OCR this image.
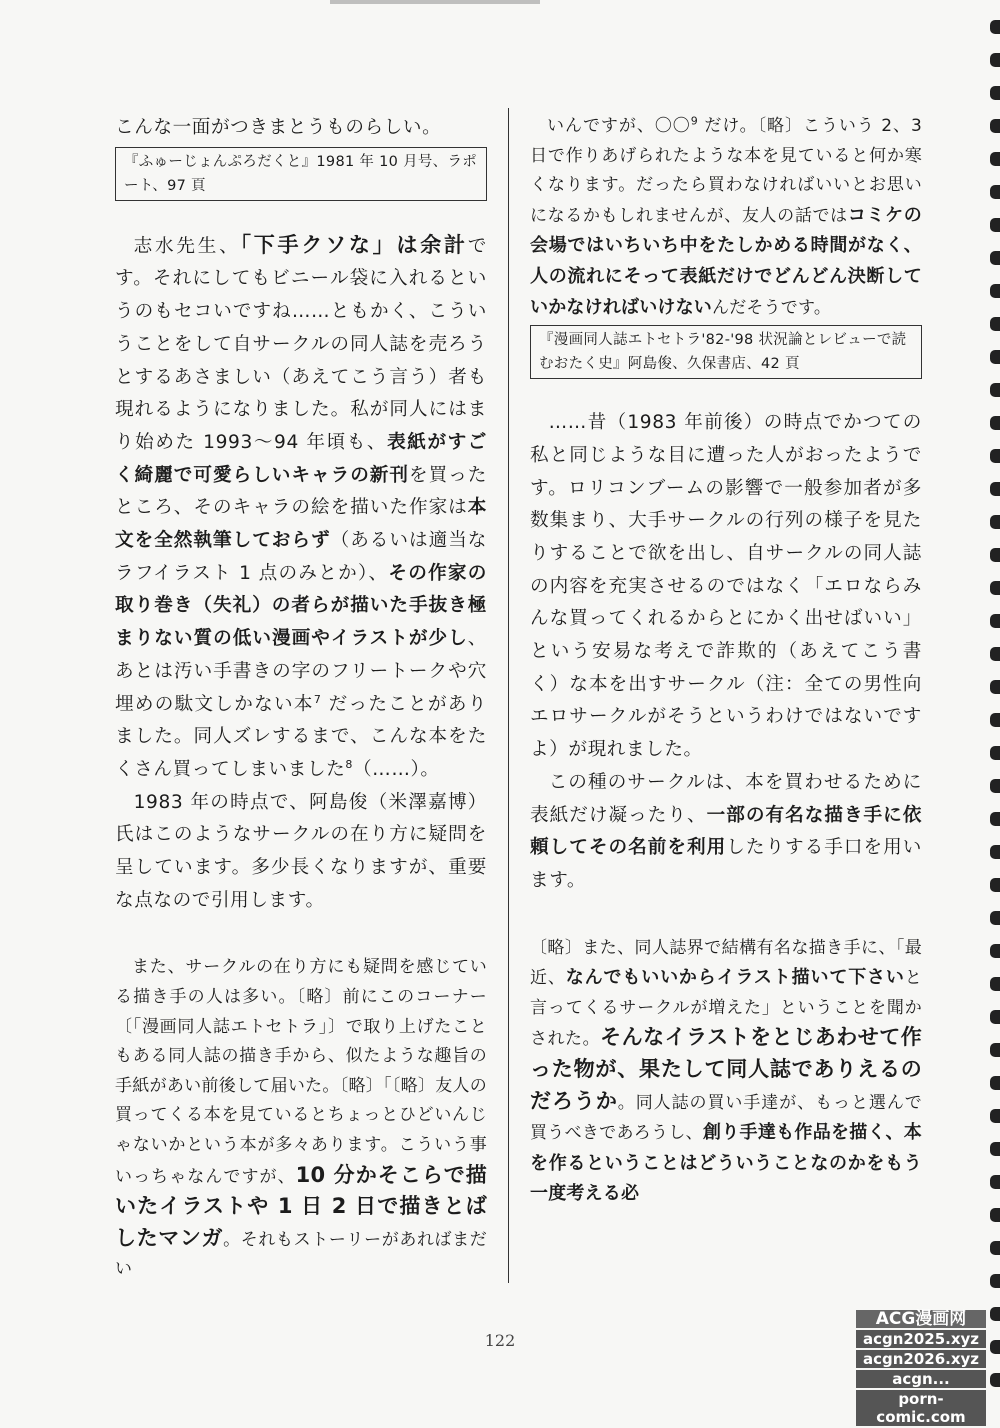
こんな一面がつきまとうものらしい。

『ふゅーじょんぷろだくと』1981 年 10 月号、ラポート、97 頁

志水先生、「下手クソな」は余計です。それにしてもビニール袋に入れるというのもセコいですね……ともかく、こういうことをして自サークルの同人誌を売ろうとするあさましい（あえてこう言う）者も現れるようになりました。私が同人にはまり始めた 1993～94 年頃も、表紙がすごく綺麗で可愛らしいキャラの新刊を買ったところ、そのキャラの絵を描いた作家は本文を全然執筆しておらず（あるいは適当なラフイラスト 1 点のみとか）、その作家の取り巻き（失礼）の者らが描いた手抜き極まりない質の低い漫画やイラストが少し、あとは汚い手書きの字のフリートークや穴埋めの駄文しかない本$^7$ だったことがありました。同人ズレするまで、こんな本をたくさん買ってしまいました$^8$（……）。

1983 年の時点で、阿島俊（米澤嘉博）氏はこのようなサークルの在り方に疑問を呈しています。多少長くなりますが、重要な点なので引用します。

また、サークルの在り方にも疑問を感じている描き手の人は多い。〔略〕前にこのコーナー〔「漫画同人誌エトセトラ」〕で取り上げたこともある同人誌の描き手から、似たような趣旨の手紙があい前後して届いた。〔略〕「〔略〕友人の買ってくる本を見ているとちょっとひどいんじゃないかという本が多々あります。こういう事いっちゃなんですが、10 分かそこらで描いたイラストや 1 日 2 日で描きとばしたマンガ。それもストーリーがあればまだい

いんですが、〇〇$^9$ だけ。〔略〕こういう 2、3 日で作りあげられたような本を見ていると何か寒くなります。だったら買わなければいいとお思いになるかもしれませんが、友人の話ではコミケの会場ではいちいち中をたしかめる時間がなく、人の流れにそって表紙だけでどんどん決断していかなければいけないんだそうです。

『漫画同人誌エトセトラ'82-'98 状況論とレビューで読むおたく史』阿島俊、久保書店、42 頁

……昔（1983 年前後）の時点でかつての私と同じような目に遭った人がおったようです。ロリコンブームの影響で一般参加者が多数集まり、大手サークルの行列の様子を見たりすることで欲を出し、自サークルの同人誌の内容を充実させるのではなく「エロならみんな買ってくれるからとにかく出せばいい」という安易な考えで詐欺的（あえてこう書く）な本を出すサークル（注：全ての男性向エロサークルがそうというわけではないですよ）が現れました。

この種のサークルは、本を買わせるために表紙だけ凝ったり、一部の有名な描き手に依頼してその名前を利用したりする手口を用います。

〔略〕また、同人誌界で結構有名な描き手に、「最近、なんでもいいからイラスト描いて下さいと言ってくるサークルが増えた」ということを聞かされた。そんなイラストをとじあわせて作った物が、果たして同人誌でありえるのだろうか。同人誌の買い手達が、もっと選んで買うべきであろうし、創り手達も作品を描く、本を作るということはどういうことなのかをもう一度考える必

122
ACG漫画网
acgn2025.xyz
acgn2026.xyz
acgn...
porn-comic.com
